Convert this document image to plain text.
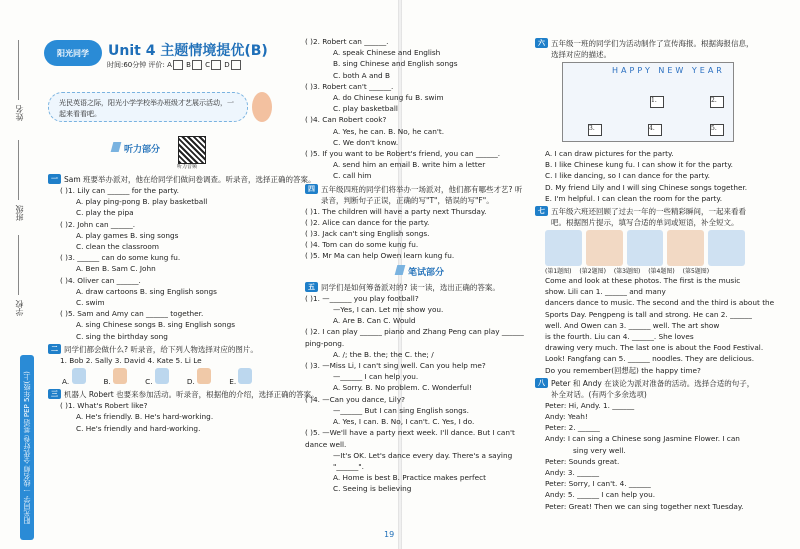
姓名
班级
学校
阳光同学 一线名师 全优好卷 英语 PEP 5年级(上)
阳光同学	Unit 4 主题情境提优(B)
时间:60分钟 评价: A B C D
光民英语之际，阳光小学学校举办班级才艺展示活动，一起来看看吧。
听力部分
听力音频
一 Sam 班要举办派对，他在给同学们做问卷调查。听录音，选择正确的答案。
( )1. Lily can ______ for the party.
A. play ping-pong B. play basketball
C. play the pipa
( )2. John can ______.
A. play games B. sing songs
C. clean the classroom
( )3. ______ can do some kung fu.
A. Ben B. Sam C. John
( )4. Oliver can ______.
A. draw cartoons B. sing English songs
C. swim
( )5. Sam and Amy can ______ together.
A. sing Chinese songs B. sing English songs
C. sing the birthday song
二 同学们都会做什么? 听录音，给下列人物选择对应的图片。
1. Bob 2. Sally 3. David 4. Kate 5. Li Le
A.	B.	C.	D.	E.
三 机器人 Robert 也要来参加活动。听录音，根据他的介绍，选择正确的答案。
( )1. What's Robert like?
A. He's friendly. B. He's hard-working.
C. He's friendly and hard-working.
( )2. Robert can ______.
A. speak Chinese and English
B. sing Chinese and English songs
C. both A and B
( )3. Robert can't ______.
A. do Chinese kung fu B. swim
C. play basketball
( )4. Can Robert cook?
A. Yes, he can. B. No, he can't.
C. We don't know.
( )5. If you want to be Robert's friend, you can ______.
A. send him an email B. write him a letter
C. call him
四 五年级四班的同学们将举办一场派对，他们都有哪些才艺? 听录音，判断句子正误，正确的写"T"，错误的写"F"。
( )1. The children will have a party next Thursday.
( )2. Alice can dance for the party.
( )3. Jack can't sing English songs.
( )4. Tom can do some kung fu.
( )5. Mr Ma can help Owen learn kung fu.
笔试部分
五 同学们是如何筹备派对的? 读一读，选出正确的答案。
( )1. —______ you play football?
—Yes, I can. Let me show you.
A. Are B. Can C. Would
( )2. I can play ______ piano and Zhang Peng can play ______ ping-pong.
A. /; the B. the; the C. the; /
( )3. —Miss Li, I can't sing well. Can you help me?
—______ I can help you.
A. Sorry. B. No problem. C. Wonderful!
( )4. —Can you dance, Lily?
—______ But I can sing English songs.
A. Yes, I can. B. No, I can't. C. Yes, I do.
( )5. —We'll have a party next week. I'll dance. But I can't dance well.
—It's OK. Let's dance every day. There's a saying "______".
A. Home is best B. Practice makes perfect
C. Seeing is believing
六 五年级一班的同学们为活动制作了宣传海报。根据海报信息，选择对应的描述。
HAPPY NEW YEAR
1.	2.
3.	4.	5.
A. I can draw pictures for the party.
B. I like Chinese kung fu. I can show it for the party.
C. I like dancing, so I can dance for the party.
D. My friend Lily and I will sing Chinese songs together.
E. I'm helpful. I can clean the room for the party.
七 五年级六班还回顾了过去一年的一些精彩瞬间，一起来看看吧。根据图片提示，填写合适的单词或短语，补全短文。
(第1题图) (第2题图) (第3题图) (第4题图) (第5题图)
Come and look at these photos. The first is the music
show. Lili can 1. ______ and many
dancers dance to music. The second and the third is about the
Sports Day. Pengpeng is tall and strong. He can 2. ______
well. And Owen can 3. ______ well. The art show
is the fourth. Liu can 4. ______. She loves
drawing very much. The last one is about the Food Festival.
Look! Fangfang can 5. ______ noodles. They are delicious.
Do you remember(回想起) the happy time?
八 Peter 和 Andy 在谈论为派对准备的活动。选择合适的句子，补全对话。(有两个多余选项)
Peter: Hi, Andy. 1. ______
Andy: Yeah!
Peter: 2. ______
Andy: I can sing a Chinese song Jasmine Flower. I can
sing very well.
Peter: Sounds great.
Andy: 3. ______
Peter: Sorry, I can't. 4. ______
Andy: 5. ______ I can help you.
Peter: Great! Then we can sing together next Tuesday.
19
